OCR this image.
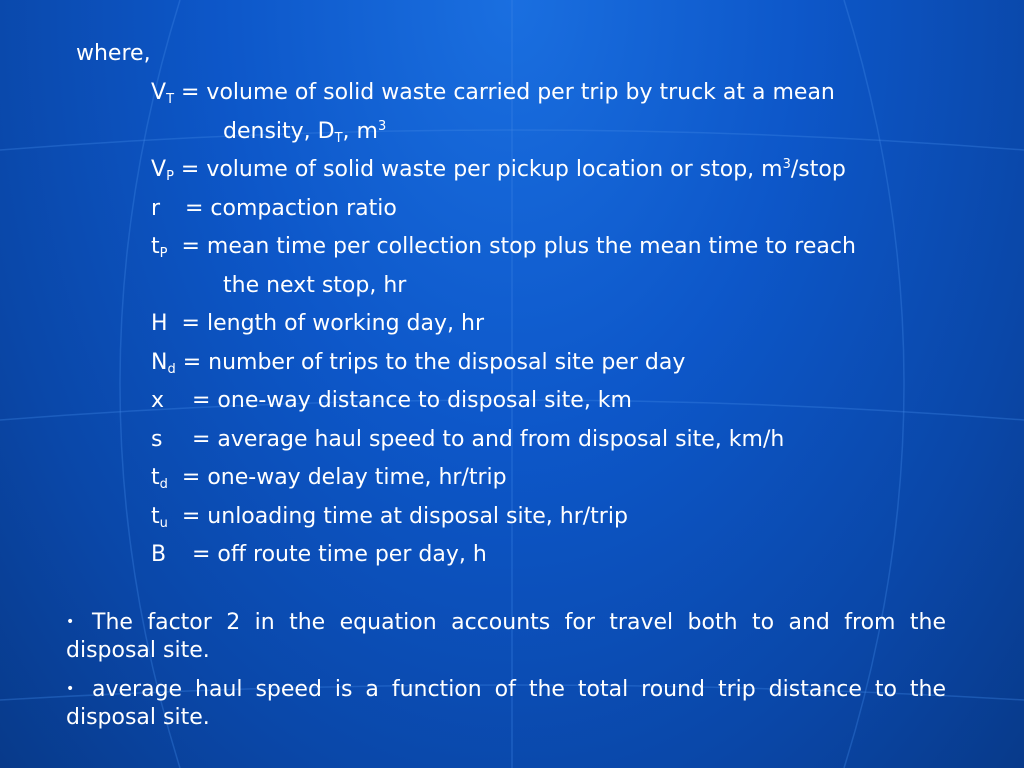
where,
$V_T$ = volume of solid waste carried per trip by truck at a mean
density, $D_T$, $m^3$
$V_P$ = volume of solid waste per pickup location or stop, $m^3$/stop
r = compaction ratio
$t_P$  = mean time per collection stop plus the mean time to reach
the next stop, hr
H = length of working day, hr
$N_d$ = number of trips to the disposal site per day
x = one-way distance to disposal site, km
s = average haul speed to and from disposal site, km/h
$t_d = one-way$ delay time, hr/trip
$t_u$  = unloading time at disposal site, hr/trip
B = off route time per day, h
• The factor 2 in the equation accounts for travel both to and from the disposal site.
• average haul speed is a function of the total round trip distance to the disposal site.
